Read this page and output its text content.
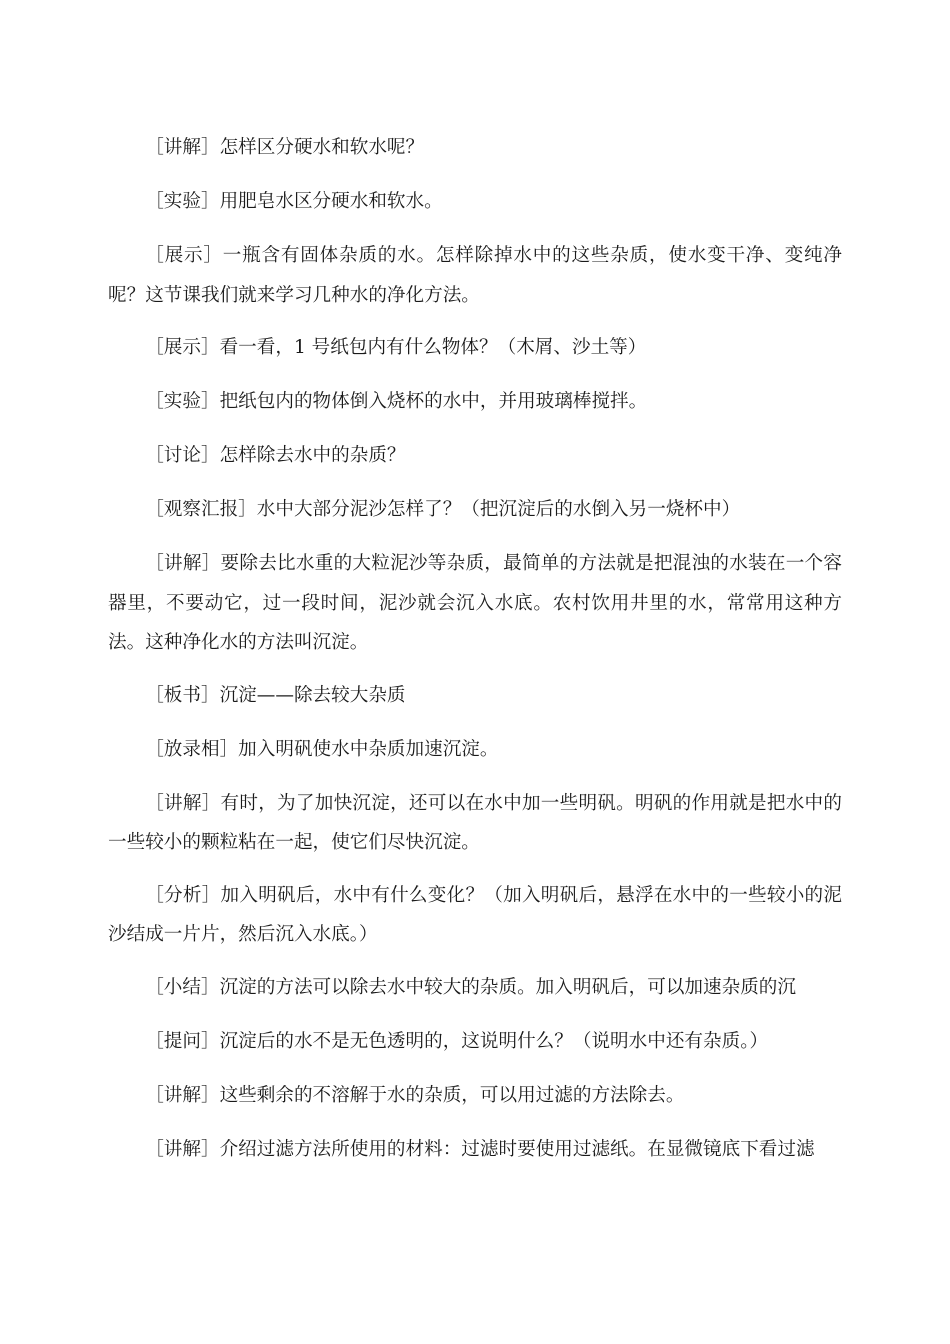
［讲解］怎样区分硬水和软水呢？

［实验］用肥皂水区分硬水和软水。

［展示］一瓶含有固体杂质的水。怎样除掉水中的这些杂质，使水变干净、变纯净呢？这节课我们就来学习几种水的净化方法。

［展示］看一看，1 号纸包内有什么物体？（木屑、沙土等）

［实验］把纸包内的物体倒入烧杯的水中，并用玻璃棒搅拌。

［讨论］怎样除去水中的杂质？

［观察汇报］水中大部分泥沙怎样了？（把沉淀后的水倒入另一烧杯中）

［讲解］要除去比水重的大粒泥沙等杂质，最简单的方法就是把混浊的水装在一个容器里，不要动它，过一段时间，泥沙就会沉入水底。农村饮用井里的水，常常用这种方法。这种净化水的方法叫沉淀。

［板书］沉淀——除去较大杂质

［放录相］加入明矾使水中杂质加速沉淀。

［讲解］有时，为了加快沉淀，还可以在水中加一些明矾。明矾的作用就是把水中的一些较小的颗粒粘在一起，使它们尽快沉淀。

［分析］加入明矾后，水中有什么变化？（加入明矾后，悬浮在水中的一些较小的泥沙结成一片片，然后沉入水底。）

［小结］沉淀的方法可以除去水中较大的杂质。加入明矾后，可以加速杂质的沉

［提问］沉淀后的水不是无色透明的，这说明什么？（说明水中还有杂质。）

［讲解］这些剩余的不溶解于水的杂质，可以用过滤的方法除去。

［讲解］介绍过滤方法所使用的材料：过滤时要使用过滤纸。在显微镜底下看过滤
